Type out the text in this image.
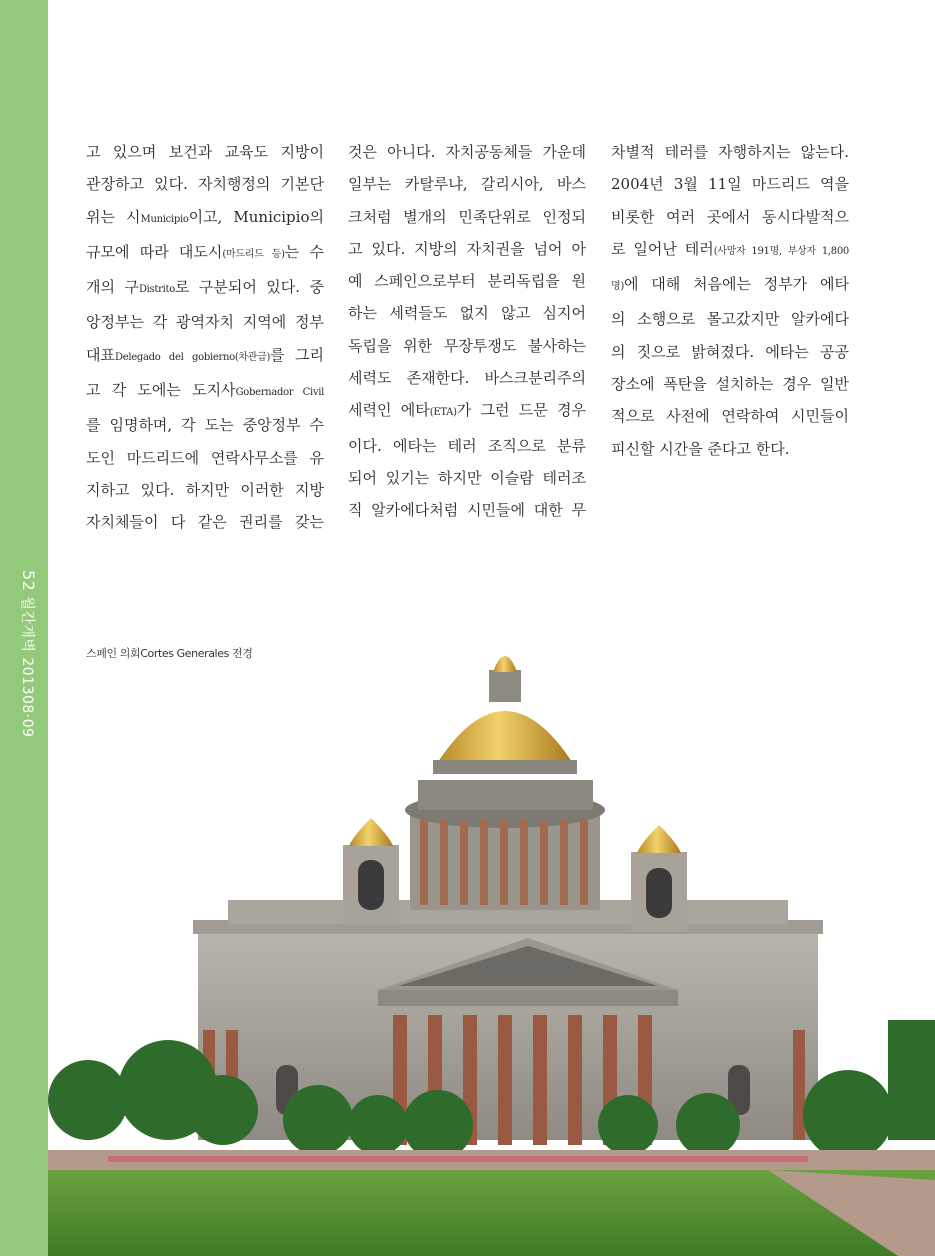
52 월간개벽 201308·09

고 있으며 보건과 교육도 지방이

관장하고 있다. 자치행정의 기본단

위는 시Municipio이고, Municipio의

규모에 따라 대도시(마드리드 등)는 수

개의 구Distrito로 구분되어 있다. 중

앙정부는 각 광역자치 지역에 정부

대표Delegado del gobierno(차관급)를 그리

고 각 도에는 도지사Gobernador Civil

를 임명하며, 각 도는 중앙정부 수

도인 마드리드에 연락사무소를 유

지하고 있다. 하지만 이러한 지방

자치체들이 다 같은 권리를 갖는

것은 아니다. 자치공동체들 가운데

일부는 카탈루냐, 갈리시아, 바스

크처럼 별개의 민족단위로 인정되

고 있다. 지방의 자치권을 넘어 아

예 스페인으로부터 분리독립을 원

하는 세력들도 없지 않고 심지어

독립을 위한 무장투쟁도 불사하는

세력도 존재한다. 바스크분리주의

세력인 에타(ETA)가 그런 드문 경우

이다. 에타는 테러 조직으로 분류

되어 있기는 하지만 이슬람 테러조

직 알카에다처럼 시민들에 대한 무

차별적 테러를 자행하지는 않는다.

2004년 3월 11일 마드리드 역을

비롯한 여러 곳에서 동시다발적으

로 일어난 테러(사망자 191명, 부상자 1,800

명)에 대해 처음에는 정부가 에타

의 소행으로 몰고갔지만 알카에다

의 짓으로 밝혀졌다. 에타는 공공

장소에 폭탄을 설치하는 경우 일반

적으로 사전에 연락하여 시민들이

피신할 시간을 준다고 한다.

스페인 의회Cortes Generales 전경
